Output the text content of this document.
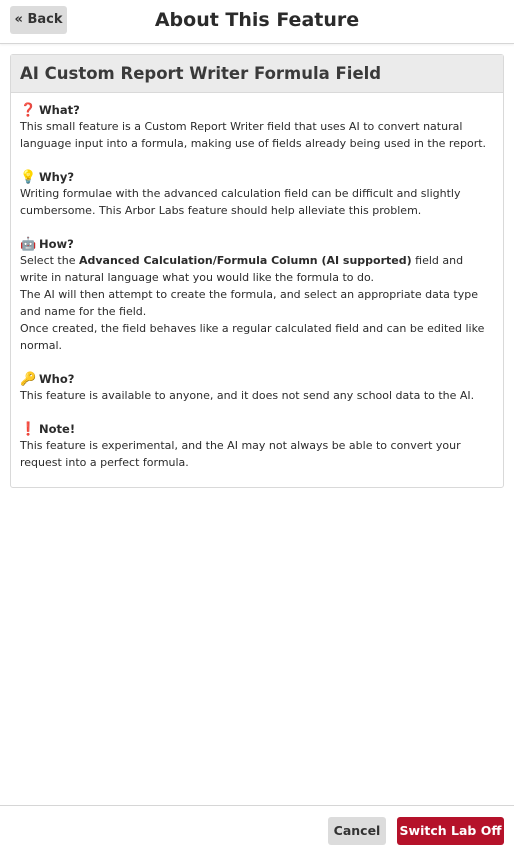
« Back	About This Feature
AI Custom Report Writer Formula Field
❓ What?

This small feature is a Custom Report Writer field that uses AI to convert natural language input into a formula, making use of fields already being used in the report.

💡 Why?

Writing formulae with the advanced calculation field can be difficult and slightly cumbersome. This Arbor Labs feature should help alleviate this problem.

🤖 How?

Select the Advanced Calculation/Formula Column (AI supported) field and write in natural language what you would like the formula to do.

The AI will then attempt to create the formula, and select an appropriate data type and name for the field.

Once created, the field behaves like a regular calculated field and can be edited like normal.

🔑 Who?

This feature is available to anyone, and it does not send any school data to the AI.

❗ Note!

This feature is experimental, and the AI may not always be able to convert your request into a perfect formula.

Cancel	Switch Lab Off
